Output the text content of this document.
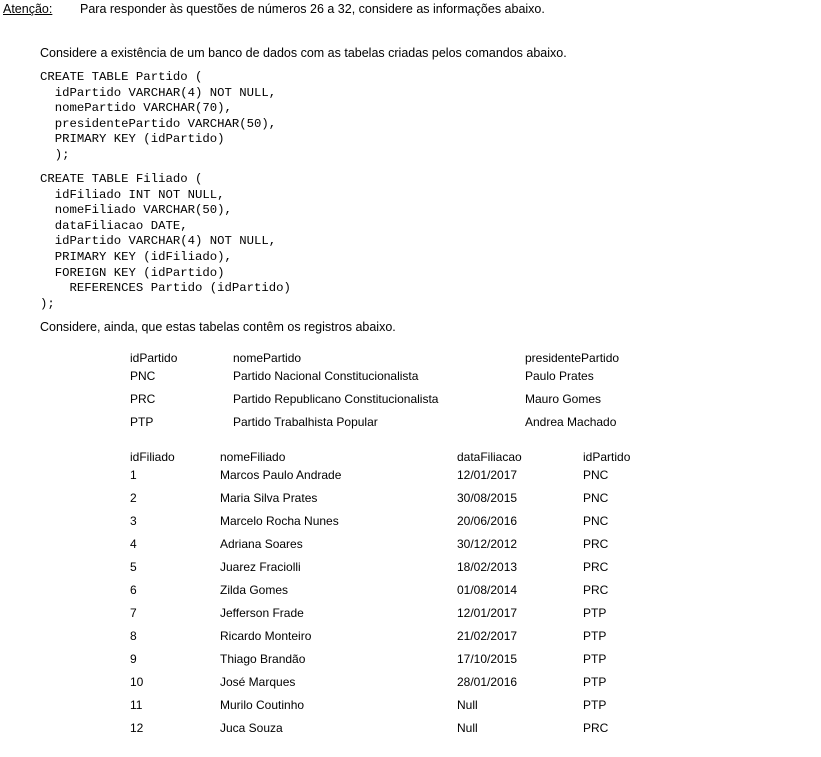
Atenção: Para responder às questões de números 26 a 32, considere as informações abaixo.
Considere a existência de um banco de dados com as tabelas criadas pelos comandos abaixo.
CREATE TABLE Partido (
idPartido VARCHAR(4) NOT NULL,
nomePartido VARCHAR(70),
presidentePartido VARCHAR(50),
PRIMARY KEY (idPartido)
);
CREATE TABLE Filiado (
idFiliado INT NOT NULL,
nomeFiliado VARCHAR(50),
dataFiliacao DATE,
idPartido VARCHAR(4) NOT NULL,
PRIMARY KEY (idFiliado),
FOREIGN KEY (idPartido)
REFERENCES Partido (idPartido)
);
Considere, ainda, que estas tabelas contêm os registros abaixo.
idPartido	nomePartido	presidentePartido
PNC	Partido Nacional Constitucionalista	Paulo Prates
PRC	Partido Republicano Constitucionalista	Mauro Gomes
PTP	Partido Trabalhista Popular	Andrea Machado
idFiliado	nomeFiliado	dataFiliacao	idPartido
1	Marcos Paulo Andrade	12/01/2017	PNC
2	Maria Silva Prates	30/08/2015	PNC
3	Marcelo Rocha Nunes	20/06/2016	PNC
4	Adriana Soares	30/12/2012	PRC
5	Juarez Fraciolli	18/02/2013	PRC
6	Zilda Gomes	01/08/2014	PRC
7	Jefferson Frade	12/01/2017	PTP
8	Ricardo Monteiro	21/02/2017	PTP
9	Thiago Brandão	17/10/2015	PTP
10	José Marques	28/01/2016	PTP
11	Murilo Coutinho	Null	PTP
12	Juca Souza	Null	PRC
